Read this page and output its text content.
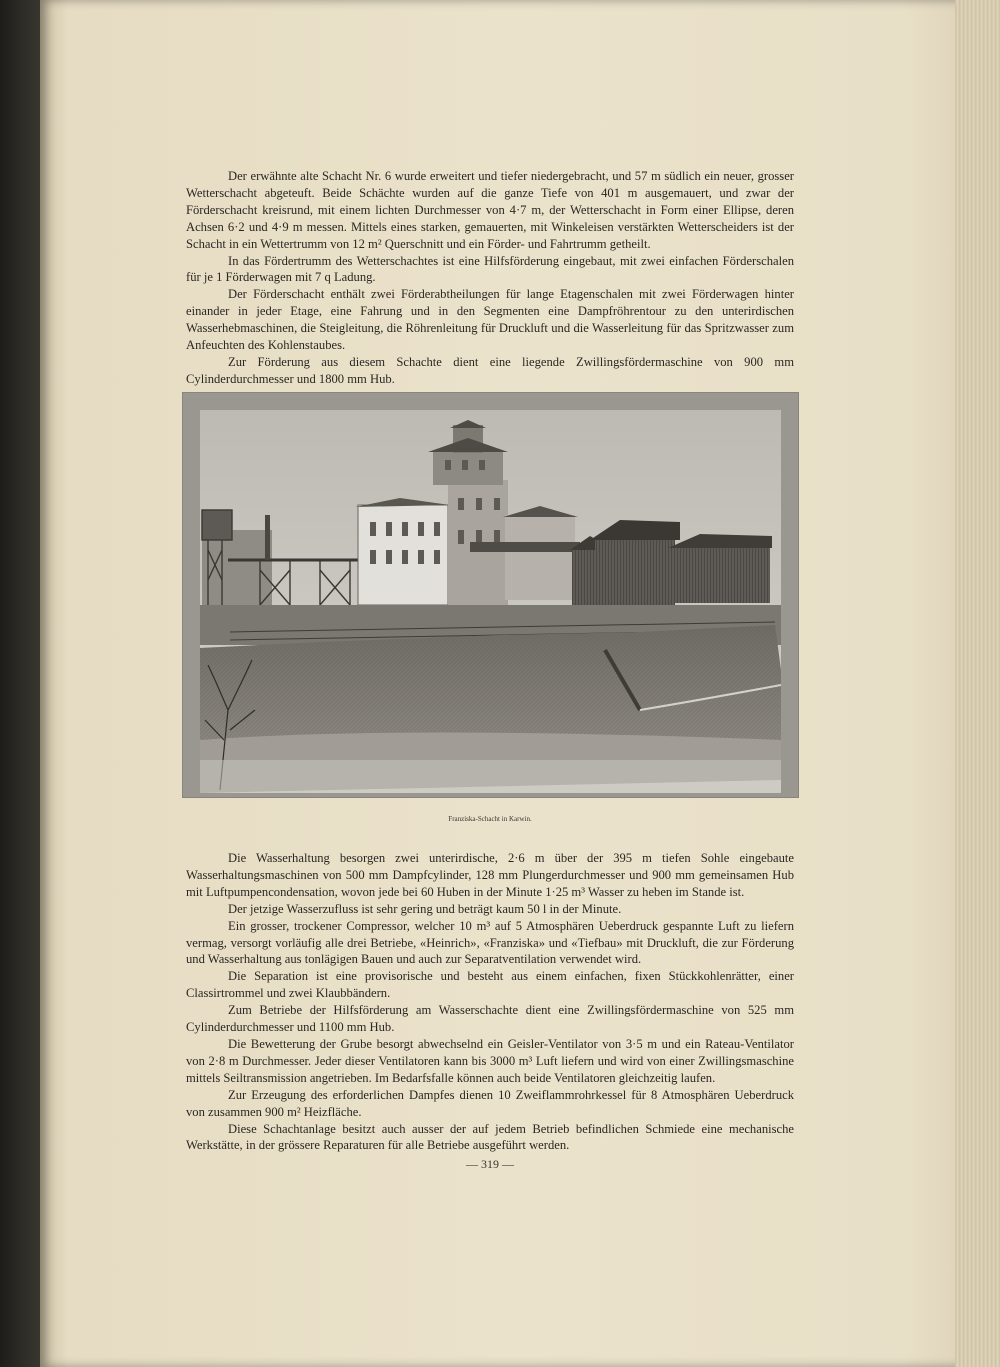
Der erwähnte alte Schacht Nr. 6 wurde erweitert und tiefer niedergebracht, und 57 m südlich ein neuer, grosser Wetterschacht abgeteuft. Beide Schächte wurden auf die ganze Tiefe von 401 m ausgemauert, und zwar der Förderschacht kreisrund, mit einem lichten Durchmesser von 4·7 m, der Wetterschacht in Form einer Ellipse, deren Achsen 6·2 und 4·9 m messen. Mittels eines starken, gemauerten, mit Winkeleisen verstärkten Wetterscheiders ist der Schacht in ein Wettertrumm von 12 m² Querschnitt und ein Förder- und Fahrtrumm getheilt.

In das Fördertrumm des Wetterschachtes ist eine Hilfsförderung eingebaut, mit zwei einfachen Förderschalen für je 1 Förderwagen mit 7 q Ladung.

Der Förderschacht enthält zwei Förderabtheilungen für lange Etagenschalen mit zwei Förderwagen hinter einander in jeder Etage, eine Fahrung und in den Segmenten eine Dampfröhrentour zu den unterirdischen Wasserhebmaschinen, die Steigleitung, die Röhrenleitung für Druckluft und die Wasserleitung für das Spritzwasser zum Anfeuchten des Kohlenstaubes.

Zur Förderung aus diesem Schachte dient eine liegende Zwillingsfördermaschine von 900 mm Cylinderdurchmesser und 1800 mm Hub.

Franziska-Schacht in Karwin.

Die Wasserhaltung besorgen zwei unterirdische, 2·6 m über der 395 m tiefen Sohle eingebaute Wasserhaltungsmaschinen von 500 mm Dampfcylinder, 128 mm Plungerdurchmesser und 900 mm gemeinsamen Hub mit Luftpumpencondensation, wovon jede bei 60 Huben in der Minute 1·25 m³ Wasser zu heben im Stande ist.

Der jetzige Wasserzufluss ist sehr gering und beträgt kaum 50 l in der Minute.

Ein grosser, trockener Compressor, welcher 10 m³ auf 5 Atmosphären Ueberdruck gespannte Luft zu liefern vermag, versorgt vorläufig alle drei Betriebe, «Heinrich», «Franziska» und «Tiefbau» mit Druckluft, die zur Förderung und Wasserhaltung aus tonlägigen Bauen und auch zur Separatventilation verwendet wird.

Die Separation ist eine provisorische und besteht aus einem einfachen, fixen Stückkohlenrätter, einer Classirtrommel und zwei Klaubbändern.

Zum Betriebe der Hilfsförderung am Wasserschachte dient eine Zwillingsfördermaschine von 525 mm Cylinderdurchmesser und 1100 mm Hub.

Die Bewetterung der Grube besorgt abwechselnd ein Geisler-Ventilator von 3·5 m und ein Rateau-Ventilator von 2·8 m Durchmesser. Jeder dieser Ventilatoren kann bis 3000 m³ Luft liefern und wird von einer Zwillingsmaschine mittels Seiltransmission angetrieben. Im Bedarfsfalle können auch beide Ventilatoren gleichzeitig laufen.

Zur Erzeugung des erforderlichen Dampfes dienen 10 Zweiflammrohrkessel für 8 Atmosphären Ueberdruck von zusammen 900 m² Heizfläche.

Diese Schachtanlage besitzt auch ausser der auf jedem Betrieb befindlichen Schmiede eine mechanische Werkstätte, in der grössere Reparaturen für alle Betriebe ausgeführt werden.

— 319 —
